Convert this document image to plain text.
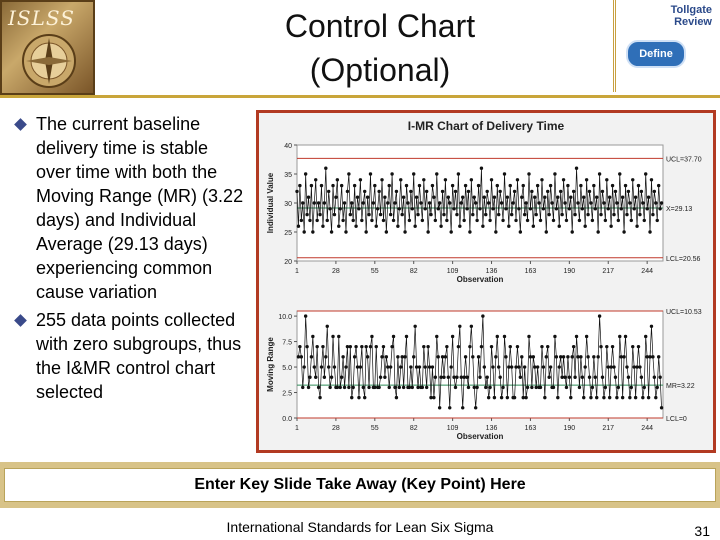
ISLSS	Control Chart
(Optional)
Tollgate
Review
Define
The current baseline delivery time is stable over time with both the Moving Range (MR) (3.22 days) and Individual Average (29.13 days) experiencing common cause variation
255 data points collected with zero subgroups, thus the I&MR control chart selected
I-MR Chart of Delivery Time
20
25
30
35
40
Individual Value
1	28	55	82	109	136	163	190	217	244
Observation
UCL=37.70
X=29.13
LCL=20.56
0.0
2.5
5.0
7.5
10.0
Moving Range
1	28	55	82	109	136	163	190	217	244
Observation
UCL=10.53
MR=3.22
LCL=0
Enter Key Slide Take Away (Key Point) Here
International Standards for Lean Six Sigma	31
